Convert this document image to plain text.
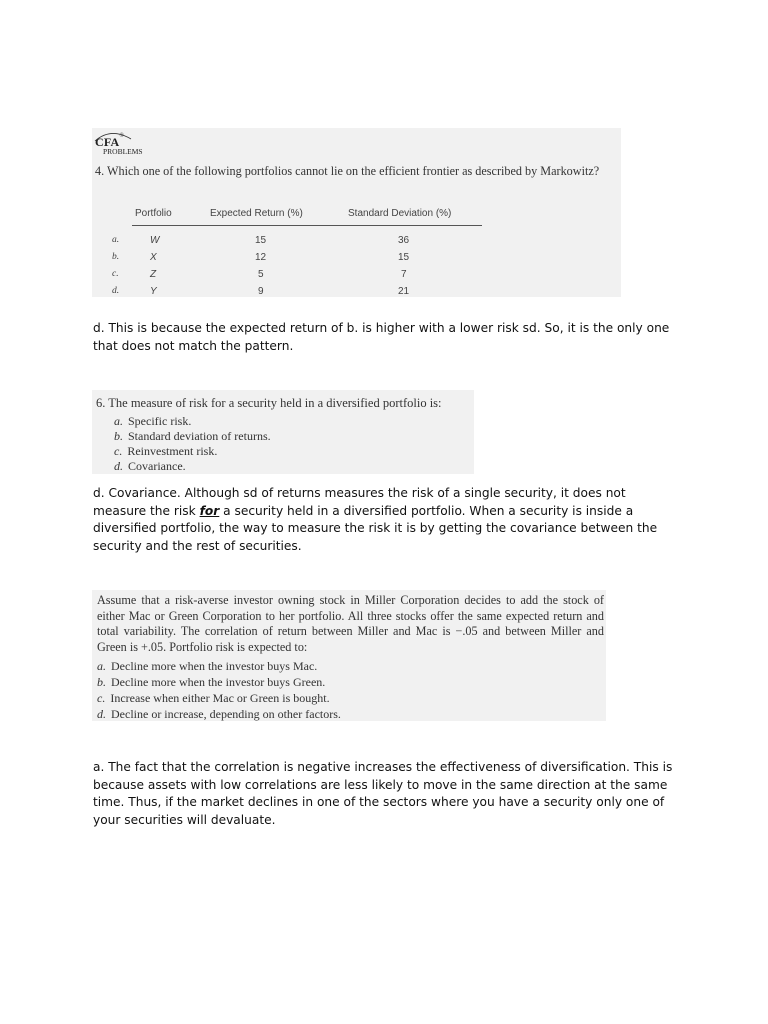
CFA®
PROBLEMS
4. Which one of the following portfolios cannot lie on the efficient frontier as described by Markowitz?
Portfolio	Expected Return (%)	Standard Deviation (%)
a.	W	15	36
b.	X	12	15
c.	Z	5	7
d.	Y	9	21
d. This is because the expected return of b. is higher with a lower risk sd. So, it is the only one that does not match the pattern.
6. The measure of risk for a security held in a diversified portfolio is:
a. Specific risk.
b. Standard deviation of returns.
c. Reinvestment risk.
d. Covariance.
d. Covariance. Although sd of returns measures the risk of a single security, it does not measure the risk for a security held in a diversified portfolio. When a security is inside a diversified portfolio, the way to measure the risk it is by getting the covariance between the security and the rest of securities.
Assume that a risk-averse investor owning stock in Miller Corporation decides to add the stock of either Mac or Green Corporation to her portfolio. All three stocks offer the same expected return and total variability. The correlation of return between Miller and Mac is −.05 and between Miller and Green is +.05. Portfolio risk is expected to:
a. Decline more when the investor buys Mac.
b. Decline more when the investor buys Green.
c. Increase when either Mac or Green is bought.
d. Decline or increase, depending on other factors.
a. The fact that the correlation is negative increases the effectiveness of diversification. This is because assets with low correlations are less likely to move in the same direction at the same time. Thus, if the market declines in one of the sectors where you have a security only one of your securities will devaluate.
